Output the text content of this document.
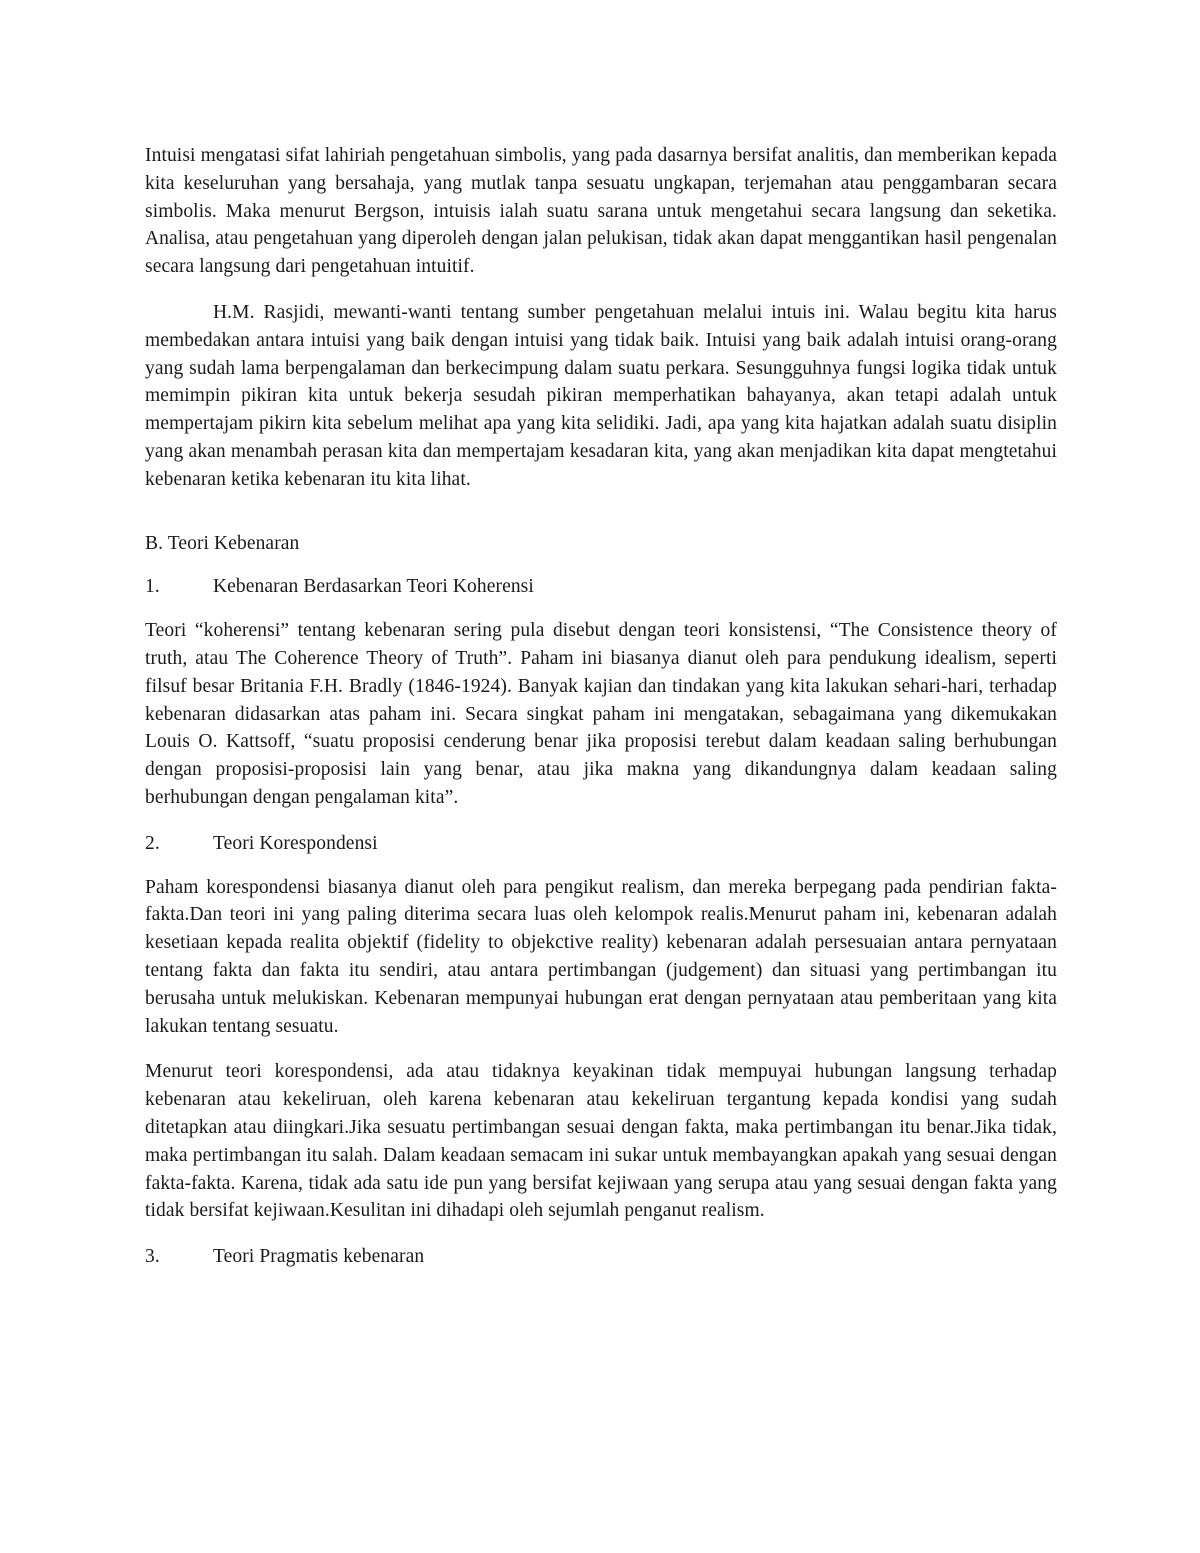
Intuisi mengatasi sifat lahiriah pengetahuan simbolis, yang pada dasarnya bersifat analitis, dan memberikan kepada kita keseluruhan yang bersahaja, yang mutlak tanpa sesuatu ungkapan, terjemahan atau penggambaran secara simbolis. Maka menurut Bergson, intuisis ialah suatu sarana untuk mengetahui secara langsung dan seketika. Analisa, atau pengetahuan yang diperoleh dengan jalan pelukisan, tidak akan dapat menggantikan hasil pengenalan secara langsung dari pengetahuan intuitif.

H.M. Rasjidi, mewanti-wanti tentang sumber pengetahuan melalui intuis ini. Walau begitu kita harus membedakan antara intuisi yang baik dengan intuisi yang tidak baik. Intuisi yang baik adalah intuisi orang-orang yang sudah lama berpengalaman dan berkecimpung dalam suatu perkara. Sesungguhnya fungsi logika tidak untuk memimpin pikiran kita untuk bekerja sesudah pikiran memperhatikan bahayanya, akan tetapi adalah untuk mempertajam pikirn kita sebelum melihat apa yang kita selidiki. Jadi, apa yang kita hajatkan adalah suatu disiplin yang akan menambah perasan kita dan mempertajam kesadaran kita, yang akan menjadikan kita dapat mengtetahui kebenaran ketika kebenaran itu kita lihat.

B. Teori Kebenaran

1.	Kebenaran Berdasarkan Teori Koherensi

Teori “koherensi” tentang kebenaran sering pula disebut dengan teori konsistensi, “The Consistence theory of truth, atau The Coherence Theory of Truth”. Paham ini biasanya dianut oleh para pendukung idealism, seperti filsuf besar Britania F.H. Bradly (1846-1924). Banyak kajian dan tindakan yang kita lakukan sehari-hari, terhadap kebenaran didasarkan atas paham ini. Secara singkat paham ini mengatakan, sebagaimana yang dikemukakan Louis O. Kattsoff, “suatu proposisi cenderung benar jika proposisi terebut dalam keadaan saling berhubungan dengan proposisi-proposisi lain yang benar, atau jika makna yang dikandungnya dalam keadaan saling berhubungan dengan pengalaman kita”.

2.	Teori Korespondensi

Paham korespondensi biasanya dianut oleh para pengikut realism, dan mereka berpegang pada pendirian fakta-fakta.Dan teori ini yang paling diterima secara luas oleh kelompok realis.Menurut paham ini, kebenaran adalah kesetiaan kepada realita objektif (fidelity to objekctive reality) kebenaran adalah persesuaian antara pernyataan tentang fakta dan fakta itu sendiri, atau antara pertimbangan (judgement) dan situasi yang pertimbangan itu berusaha untuk melukiskan. Kebenaran mempunyai hubungan erat dengan pernyataan atau pemberitaan yang kita lakukan tentang sesuatu.

Menurut teori korespondensi, ada atau tidaknya keyakinan tidak mempuyai hubungan langsung terhadap kebenaran atau kekeliruan, oleh karena kebenaran atau kekeliruan tergantung kepada kondisi yang sudah ditetapkan atau diingkari.Jika sesuatu pertimbangan sesuai dengan fakta, maka pertimbangan itu benar.Jika tidak, maka pertimbangan itu salah. Dalam keadaan semacam ini sukar untuk membayangkan apakah yang sesuai dengan fakta-fakta. Karena, tidak ada satu ide pun yang bersifat kejiwaan yang serupa atau yang sesuai dengan fakta yang tidak bersifat kejiwaan.Kesulitan ini dihadapi oleh sejumlah penganut realism.

3.	Teori Pragmatis kebenaran
